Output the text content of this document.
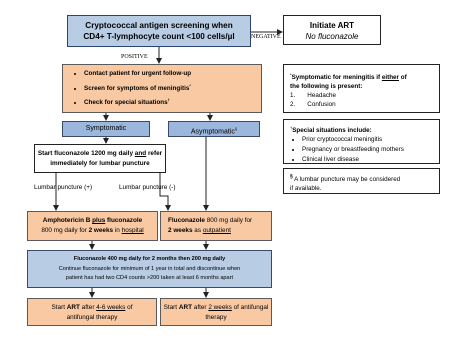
Cryptococcal antigen screening when
CD4+ T-lymphocyte count <100 cells/µl	NEGATIVE
POSITIVE
Initiate ART
No fluconazole
• Contact patient for urgent follow-up
• Screen for symptoms of meningitis*
• Check for special situations†
Symptomatic	Asymptomatic§
Start fluconazole 1200 mg daily and refer
immediately for lumbar puncture
Lumbar puncture (+)	Lumbar puncture (-)
Amphotericin B plus fluconazole
800 mg daily for 2 weeks in hospital
Fluconazole 800 mg daily for
2 weeks as outpatient
Fluconazole 400 mg daily for 2 months then 200 mg daily
Continue fluconazole for minimum of 1 year in total and discontinue when
patient has had two CD4 counts >200 taken at least 6 months apart
Start ART after 4-6 weeks of
antifungal therapy
Start ART after 2 weeks of antifungal
therapy
*Symptomatic for meningitis if either of
the following is present:
1. Headache
2. Confusion
†Special situations include:
• Prior cryptococcal meningitis
• Pregnancy or breastfeeding mothers
• Clinical liver disease
§ A lumbar puncture may be considered
if available.
